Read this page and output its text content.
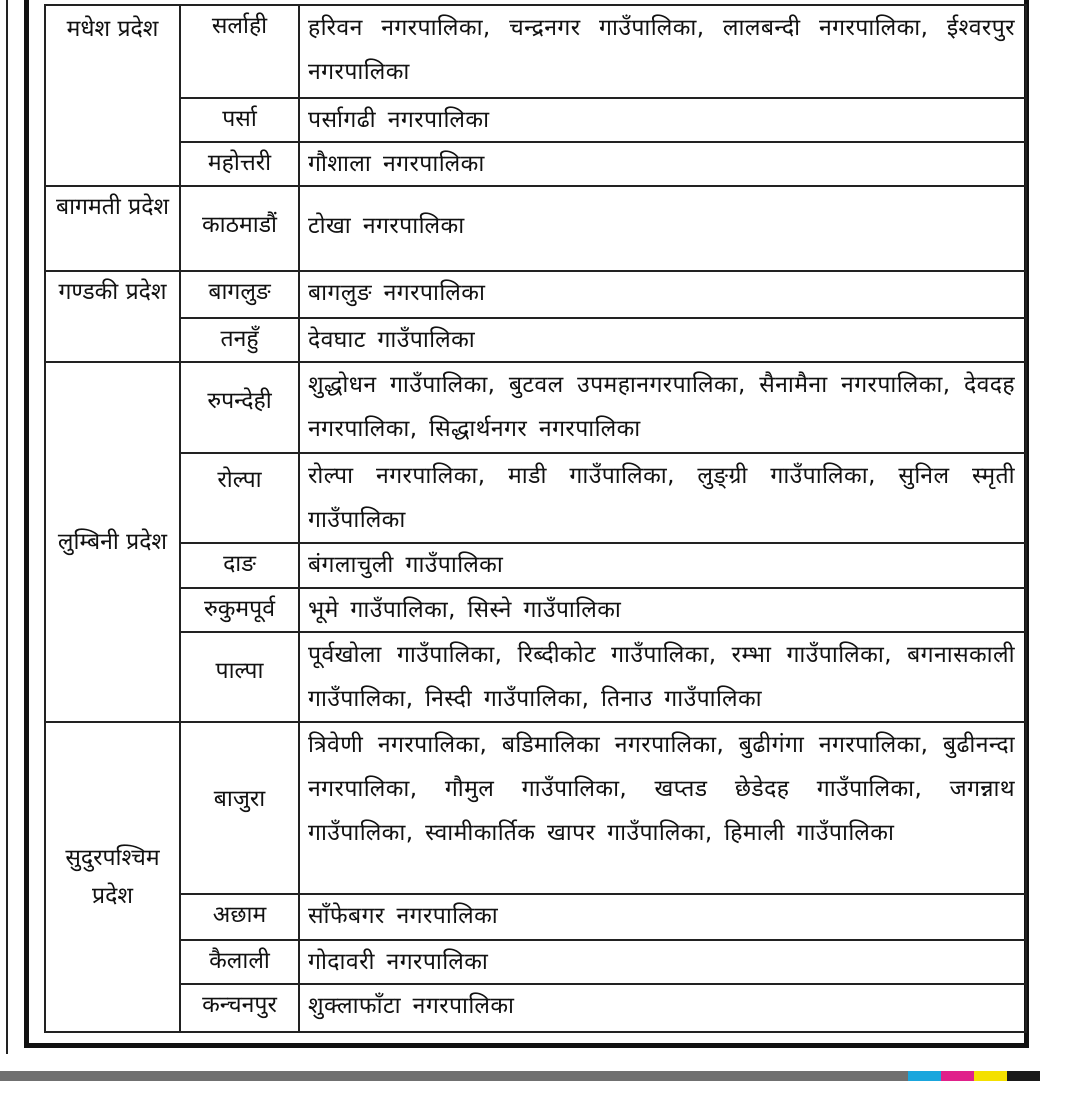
मधेश प्रदेश	सर्लाही	हरिवन नगरपालिका, चन्द्रनगर गाउँपालिका, लालबन्दी नगरपालिका, ईश्वरपुर नगरपालिका
	पर्सा	पर्सागढी नगरपालिका
	महोत्तरी	गौशाला नगरपालिका
बागमती प्रदेश	काठमाडौं	टोखा नगरपालिका
गण्डकी प्रदेश	बागलुङ	बागलुङ नगरपालिका
	तनहुँ	देवघाट गाउँपालिका
लुम्बिनी प्रदेश	रुपन्देही	शुद्धोधन गाउँपालिका, बुटवल उपमहानगरपालिका, सैनामैना नगरपालिका, देवदह नगरपालिका, सिद्धार्थनगर नगरपालिका
	रोल्पा	रोल्पा नगरपालिका, माडी गाउँपालिका, लुङ्ग्री गाउँपालिका, सुनिल स्मृती गाउँपालिका
	दाङ	बंगलाचुली गाउँपालिका
	रुकुमपूर्व	भूमे गाउँपालिका, सिस्ने गाउँपालिका
	पाल्पा	पूर्वखोला गाउँपालिका, रिब्दीकोट गाउँपालिका, रम्भा गाउँपालिका, बगनासकाली गाउँपालिका, निस्दी गाउँपालिका, तिनाउ गाउँपालिका
सुदुरपश्चिम प्रदेश	बाजुरा	त्रिवेणी नगरपालिका, बडिमालिका नगरपालिका, बुढीगंगा नगरपालिका, बुढीनन्दा नगरपालिका, गौमुल गाउँपालिका, खप्तड छेडेदह गाउँपालिका, जगन्नाथ गाउँपालिका, स्वामीकार्तिक खापर गाउँपालिका, हिमाली गाउँपालिका
	अछाम	साँफेबगर नगरपालिका
	कैलाली	गोदावरी नगरपालिका
	कन्चनपुर	शुक्लाफाँटा नगरपालिका
